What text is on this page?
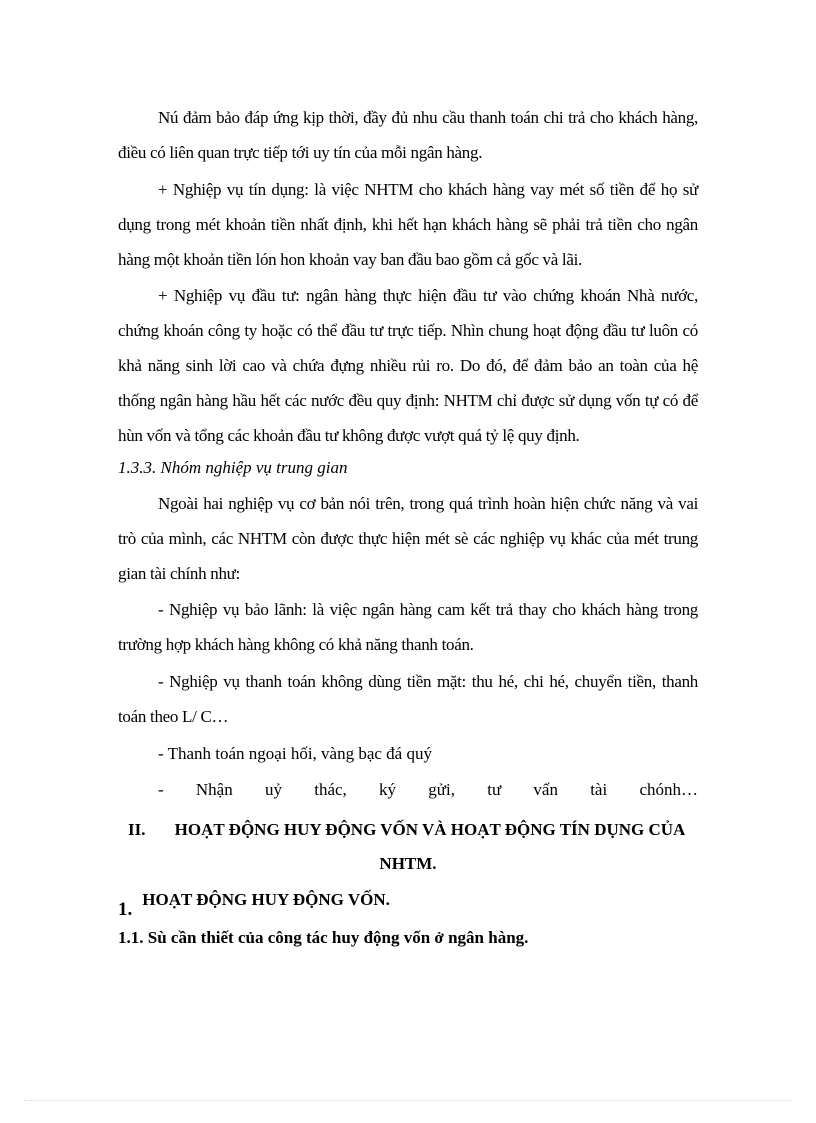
Nú đảm bảo đáp ứng kịp thời, đầy đủ nhu cầu thanh toán chi trả cho khách hàng, điều có liên quan trực tiếp tới uy tín của mỗi ngân hàng.

+ Nghiệp vụ tín dụng: là việc NHTM cho khách hàng vay mét số tiền để họ sử dụng trong mét khoản tiền nhất định, khi hết hạn khách hàng sẽ phải trả tiền cho ngân hàng một khoản tiền lón hon khoản vay ban đầu bao gồm cả gốc và lãi.

+ Nghiệp vụ đầu tư: ngân hàng thực hiện đầu tư vào chứng khoán Nhà nước, chứng khoán công ty hoặc có thể đầu tư trực tiếp. Nhìn chung hoạt động đầu tư luôn có khả năng sinh lời cao và chứa đựng nhiều rủi ro. Do đó, để đảm bảo an toàn của hệ thống ngân hàng hầu hết các nước đều quy định: NHTM chỉ được sử dụng vốn tự có để hùn vốn và tổng các khoản đầu tư không được vượt quá tỷ lệ quy định.

1.3.3. Nhóm nghiệp vụ trung gian

Ngoài hai nghiệp vụ cơ bản nói trên, trong quá trình hoàn hiện chức năng và vai trò của mình, các NHTM còn được thực hiện mét sè các nghiệp vụ khác của mét trung gian tài chính như:

- Nghiệp vụ bảo lãnh: là việc ngân hàng cam kết trả thay cho khách hàng trong trường hợp khách hàng không có khả năng thanh toán.

- Nghiệp vụ thanh toán không dùng tiền mặt: thu hé, chi hé, chuyển tiền, thanh toán theo L/ C…

- Thanh toán ngoại hối, vàng bạc đá quý

- Nhận uỷ thác, ký gửi, tư vấn tài chónh…

II.	HOẠT ĐỘNG HUY ĐỘNG VỐN VÀ HOẠT ĐỘNG TÍN DỤNG CỦA

NHTM.

1. HOẠT ĐỘNG HUY ĐỘNG VỐN.

1.1. Sù cần thiết của công tác huy động vốn ở ngân hàng.
